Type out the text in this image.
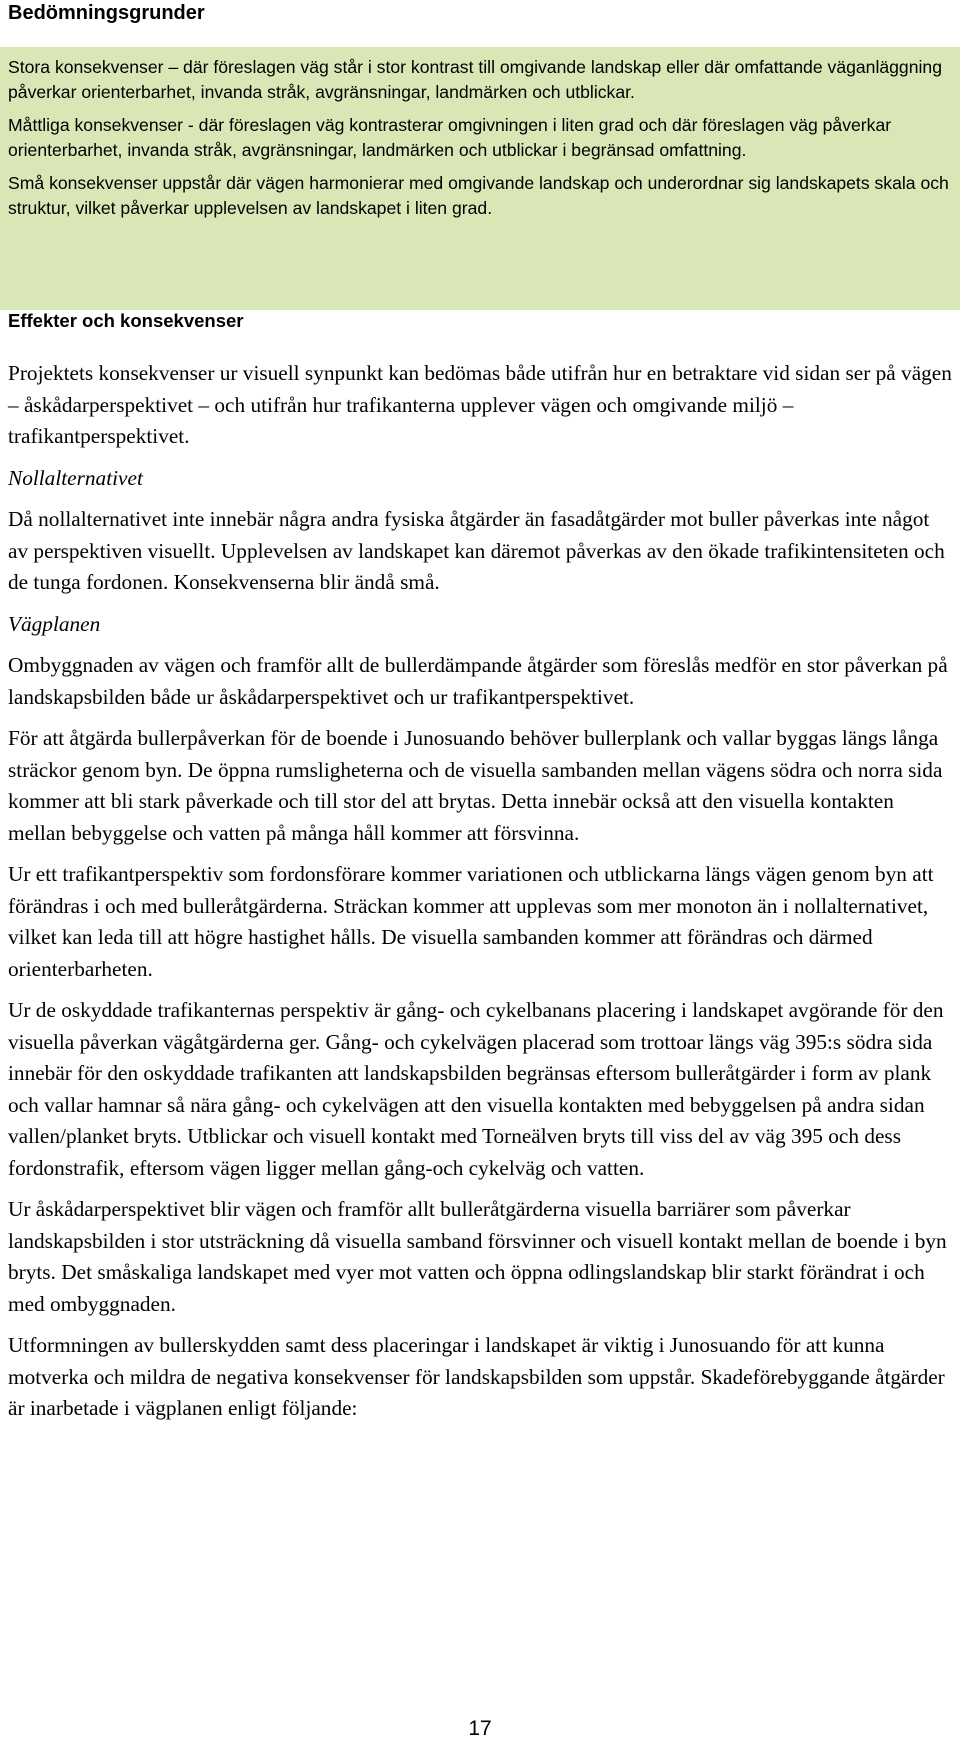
Bedömningsgrunder

Stora konsekvenser – där föreslagen väg står i stor kontrast till omgivande landskap eller där omfattande väganläggning påverkar orienterbarhet, invanda stråk, avgränsningar, landmärken och utblickar.

Måttliga konsekvenser - där föreslagen väg kontrasterar omgivningen i liten grad och där föreslagen väg påverkar orienterbarhet, invanda stråk, avgränsningar, landmärken och utblickar i begränsad omfattning.

Små konsekvenser uppstår där vägen harmonierar med omgivande landskap och underordnar sig landskapets skala och struktur, vilket påverkar upplevelsen av landskapet i liten grad.

Effekter och konsekvenser

Projektets konsekvenser ur visuell synpunkt kan bedömas både utifrån hur en betraktare vid sidan ser på vägen – åskådarperspektivet – och utifrån hur trafikanterna upplever vägen och omgivande miljö – trafikantperspektivet.

Nollalternativet

Då nollalternativet inte innebär några andra fysiska åtgärder än fasadåtgärder mot buller påverkas inte något av perspektiven visuellt. Upplevelsen av landskapet kan däremot påverkas av den ökade trafikintensiteten och de tunga fordonen. Konsekvenserna blir ändå små.

Vägplanen

Ombyggnaden av vägen och framför allt de bullerdämpande åtgärder som föreslås medför en stor påverkan på landskapsbilden både ur åskådarperspektivet och ur trafikantperspektivet.

För att åtgärda bullerpåverkan för de boende i Junosuando behöver bullerplank och vallar byggas längs långa sträckor genom byn. De öppna rumsligheterna och de visuella sambanden mellan vägens södra och norra sida kommer att bli stark påverkade och till stor del att brytas. Detta innebär också att den visuella kontakten mellan bebyggelse och vatten på många håll kommer att försvinna.

Ur ett trafikantperspektiv som fordonsförare kommer variationen och utblickarna längs vägen genom byn att förändras i och med bulleråtgärderna. Sträckan kommer att upplevas som mer monoton än i nollalternativet, vilket kan leda till att högre hastighet hålls. De visuella sambanden kommer att förändras och därmed orienterbarheten.

Ur de oskyddade trafikanternas perspektiv är gång- och cykelbanans placering i landskapet avgörande för den visuella påverkan vägåtgärderna ger. Gång- och cykelvägen placerad som trottoar längs väg 395:s södra sida innebär för den oskyddade trafikanten att landskapsbilden begränsas eftersom bulleråtgärder i form av plank och vallar hamnar så nära gång- och cykelvägen att den visuella kontakten med bebyggelsen på andra sidan vallen/planket bryts. Utblickar och visuell kontakt med Torneälven bryts till viss del av väg 395 och dess fordonstrafik, eftersom vägen ligger mellan gång-och cykelväg och vatten.

Ur åskådarperspektivet blir vägen och framför allt bulleråtgärderna visuella barriärer som påverkar landskapsbilden i stor utsträckning då visuella samband försvinner och visuell kontakt mellan de boende i byn bryts. Det småskaliga landskapet med vyer mot vatten och öppna odlingslandskap blir starkt förändrat i och med ombyggnaden.

Utformningen av bullerskydden samt dess placeringar i landskapet är viktig i Junosuando för att kunna motverka och mildra de negativa konsekvenser för landskapsbilden som uppstår. Skadeförebyggande åtgärder är inarbetade i vägplanen enligt följande:

17
